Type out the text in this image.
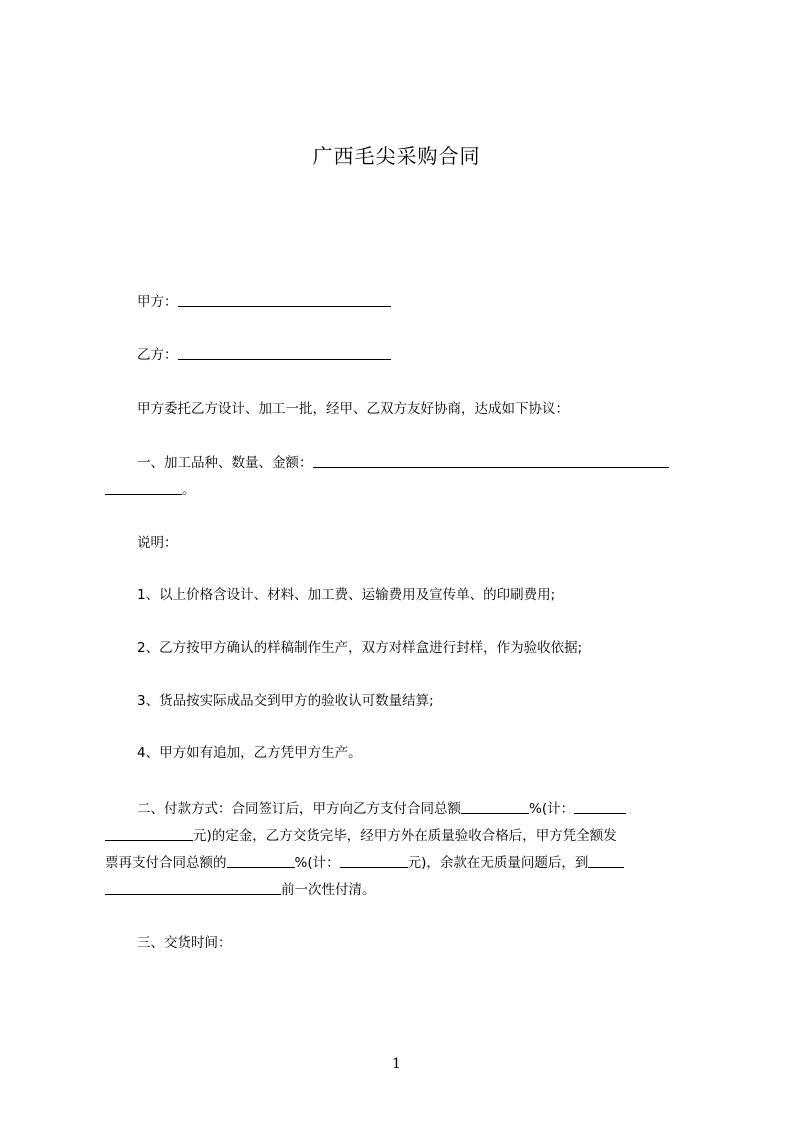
广西毛尖采购合同
甲方：
乙方：
甲方委托乙方设计、加工一批，经甲、乙双方友好协商，达成如下协议：
一、加工品种、数量、金额：
。
说明：
1、以上价格含设计、材料、加工费、运输费用及宣传单、的印刷费用;
2、乙方按甲方确认的样稿制作生产，双方对样盒进行封样，作为验收依据;
3、货品按实际成品交到甲方的验收认可数量结算;
4、甲方如有追加，乙方凭甲方生产。
二、付款方式：合同签订后，甲方向乙方支付合同总额	%(计：
元)的定金，乙方交货完毕，经甲方外在质量验收合格后，甲方凭全额发
票再支付合同总额的	%(计：	元)，余款在无质量问题后，到
前一次性付清。
三、交货时间：
1
